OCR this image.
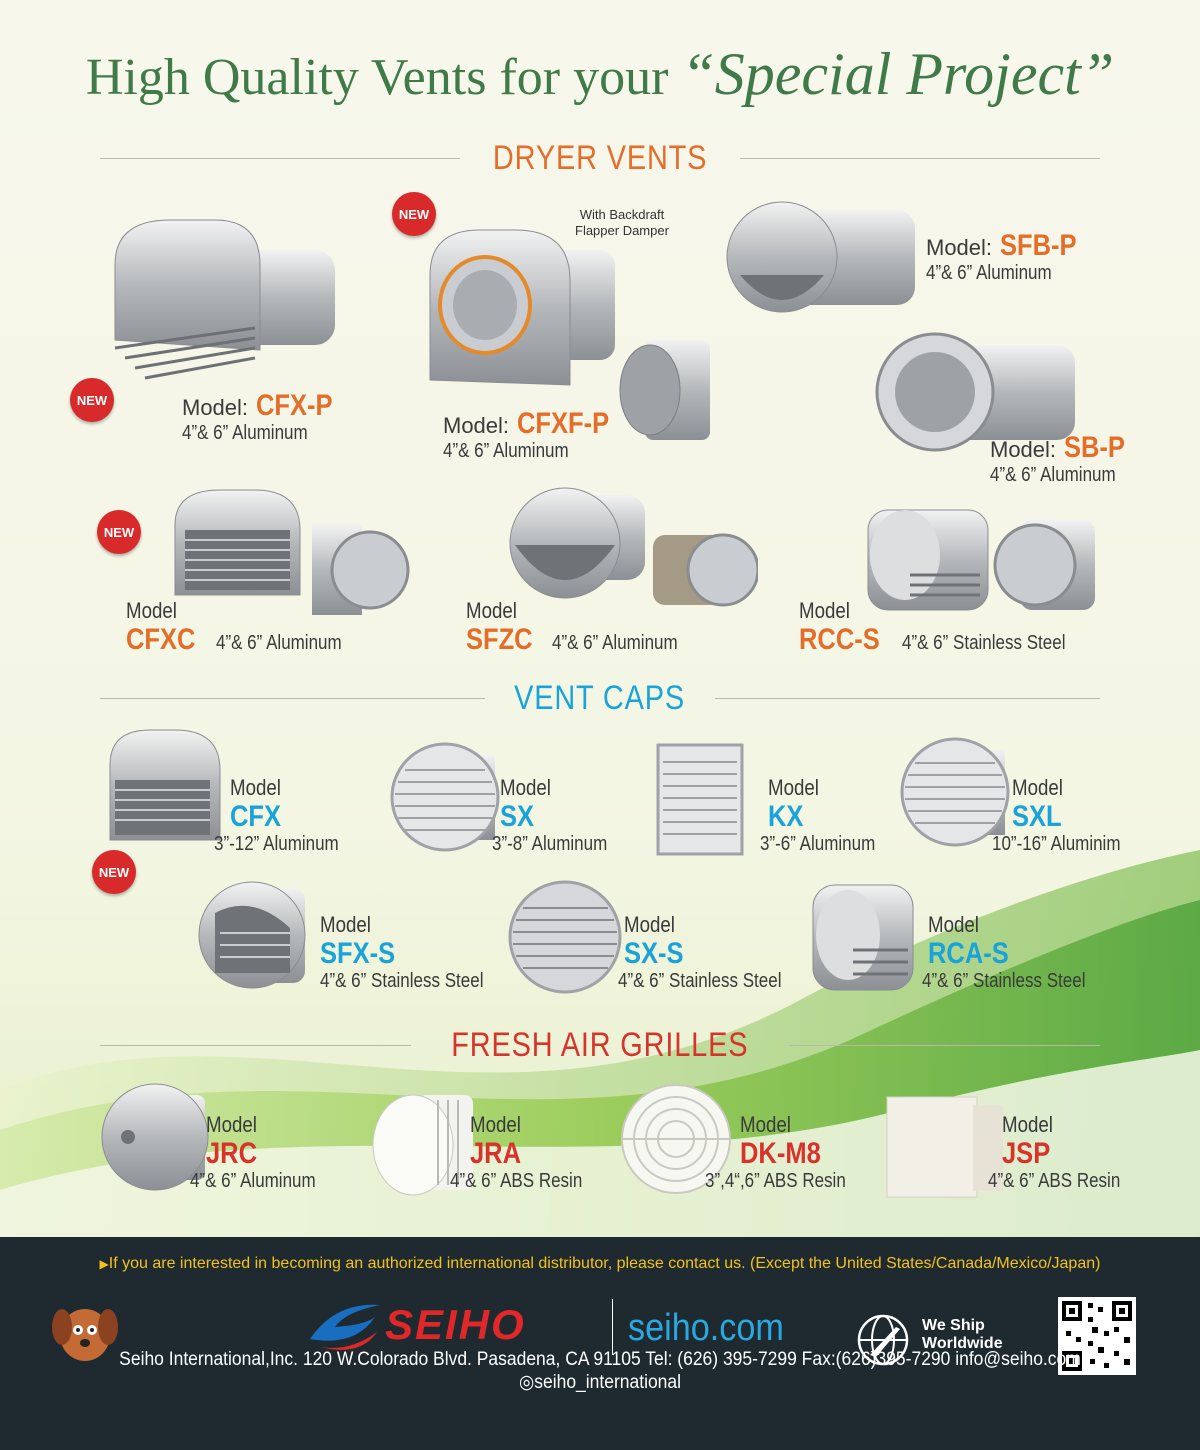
High Quality Vents for your “Special Project”
DRYER VENTS
VENT CAPS
FRESH AIR GRILLES
NEW	Model: CFX-P
4”& 6” Aluminum
NEW	With Backdraft
Flapper Damper
Model: CFXF-P
4”& 6” Aluminum
Model: SFB-P
4”& 6” Aluminum
Model: SB-P
4”& 6” Aluminum
NEW
Model
CFXC 4”& 6” Aluminum
Model
SFZC 4”& 6” Aluminum
Model
RCC-S 4”& 6” Stainless Steel
NEW
Model
CFX
3”-12” Aluminum
Model
SX
3”-8” Aluminum
Model
KX
3”-6” Aluminum
Model
SXL
10”-16” Aluminim
Model
SFX-S
4”& 6” Stainless Steel
Model
SX-S
4”& 6” Stainless Steel
Model
RCA-S
4”& 6” Stainless Steel
Model
JRC
4”& 6” Aluminum
Model
JRA
4”& 6” ABS Resin
Model
DK-M8
3”,4“,6” ABS Resin
Model
JSP
4”& 6” ABS Resin
▶If you are interested in becoming an authorized international distributor, please contact us. (Except the United States/Canada/Mexico/Japan)
SEIHO	seiho.com	We Ship
Worldwide
Seiho International,Inc. 120 W.Colorado Blvd. Pasadena, CA 91105 Tel: (626) 395-7299 Fax:(626)395-7290 info@seiho.com ◎seiho_international
